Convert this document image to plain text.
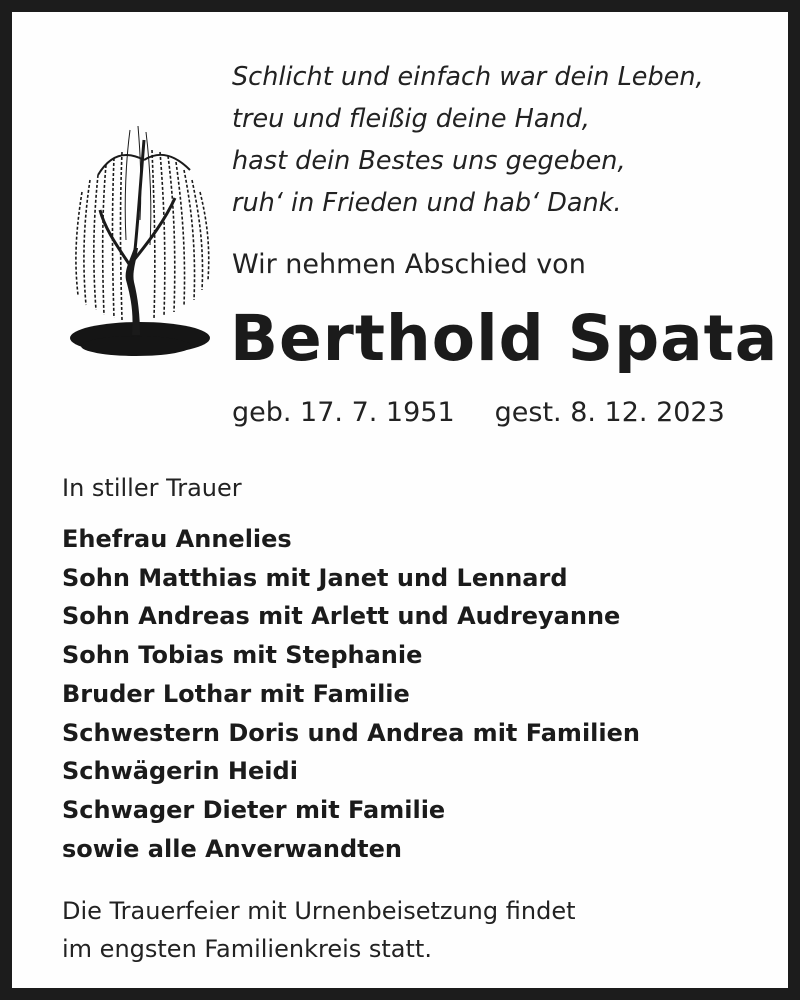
Schlicht und einfach war dein Leben,
treu und fleißig deine Hand,
hast dein Bestes uns gegeben,
ruh‘ in Frieden und hab‘ Dank.
Wir nehmen Abschied von
Berthold Spata
geb. 17. 7. 1951 gest. 8. 12. 2023
In stiller Trauer
Ehefrau Annelies
Sohn Matthias mit Janet und Lennard
Sohn Andreas mit Arlett und Audreyanne
Sohn Tobias mit Stephanie
Bruder Lothar mit Familie
Schwestern Doris und Andrea mit Familien
Schwägerin Heidi
Schwager Dieter mit Familie
sowie alle Anverwandten
Die Trauerfeier mit Urnenbeisetzung findet
im engsten Familienkreis statt.
